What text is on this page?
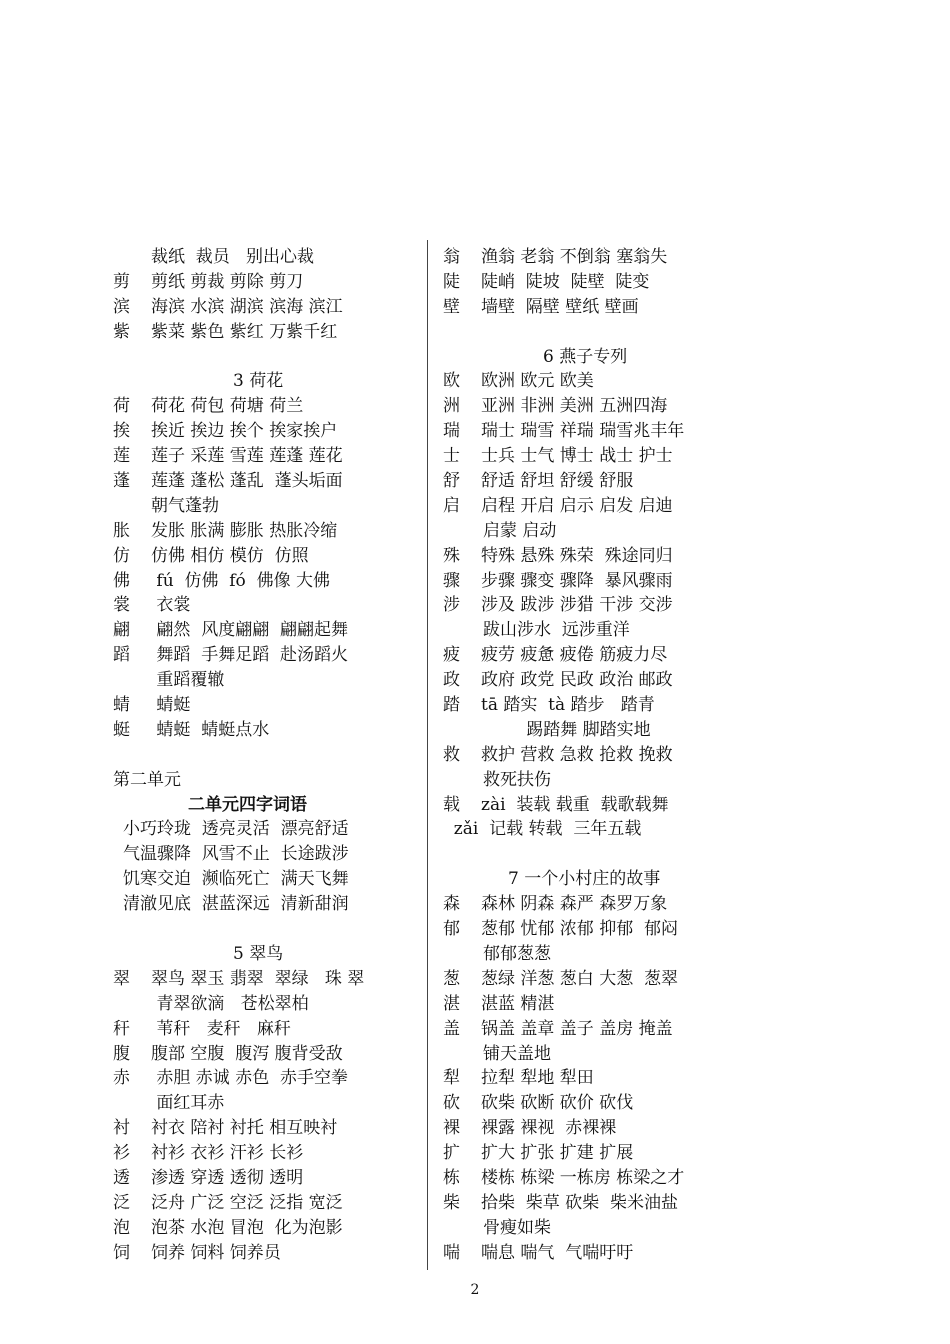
裁纸  裁员   别出心裁
剪 剪纸 剪裁 剪除 剪刀
滨 海滨 水滨 湖滨 滨海 滨江
紫 紫菜 紫色 紫红 万紫千红
3 荷花
荷 荷花 荷包 荷塘 荷兰
挨 挨近 挨边 挨个 挨家挨户
莲 莲子 采莲 雪莲 莲蓬 莲花
蓬 莲蓬 蓬松 蓬乱  蓬头垢面
朝气蓬勃
胀 发胀 胀满 膨胀 热胀冷缩
仿 仿佛 相仿 模仿  仿照
佛 fú  仿佛  fó  佛像 大佛
裳 衣裳
翩 翩然  风度翩翩  翩翩起舞
蹈 舞蹈  手舞足蹈  赴汤蹈火
重蹈覆辙
蜻 蜻蜓
蜓 蜻蜓  蜻蜓点水
第二单元
二单元四字词语
小巧玲珑  透亮灵活  漂亮舒适
气温骤降  风雪不止  长途跋涉
饥寒交迫  濒临死亡  满天飞舞
清澈见底  湛蓝深远  清新甜润
5 翠鸟
翠 翠鸟 翠玉 翡翠  翠绿   珠 翠
青翠欲滴   苍松翠柏
秆 苇秆   麦秆   麻秆
腹 腹部 空腹  腹泻 腹背受敌
赤 赤胆 赤诚 赤色  赤手空拳
面红耳赤
衬 衬衣 陪衬 衬托 相互映衬
衫 衬衫 衣衫 汗衫 长衫
透 渗透 穿透 透彻 透明
泛 泛舟 广泛 空泛 泛指 宽泛
泡 泡茶 水泡 冒泡  化为泡影
饲 饲养 饲料 饲养员
翁 渔翁 老翁 不倒翁 塞翁失
陡 陡峭  陡坡  陡壁  陡变
壁 墙壁  隔壁 壁纸 壁画
6 燕子专列
欧 欧洲 欧元 欧美
洲 亚洲 非洲 美洲 五洲四海
瑞 瑞士 瑞雪 祥瑞 瑞雪兆丰年
士 士兵 士气 博士 战士 护士
舒 舒适 舒坦 舒缓 舒服
启 启程 开启 启示 启发 启迪
启蒙 启动
殊 特殊 悬殊 殊荣  殊途同归
骤 步骤 骤变 骤降  暴风骤雨
涉 涉及 跋涉 涉猎 干涉 交涉
跋山涉水  远涉重洋
疲 疲劳 疲惫 疲倦 筋疲力尽
政 政府 政党 民政 政治 邮政
踏 tā 踏实  tà 踏步   踏青
踢踏舞 脚踏实地
救 救护 营救 急救 抢救 挽救
救死扶伤
载 zài  装载 载重  载歌载舞
zǎi  记载 转载  三年五载
7 一个小村庄的故事
森 森林 阴森 森严 森罗万象
郁 葱郁 忧郁 浓郁 抑郁  郁闷
郁郁葱葱
葱 葱绿 洋葱 葱白 大葱  葱翠
湛 湛蓝 精湛
盖 锅盖 盖章 盖子 盖房 掩盖
铺天盖地
犁 拉犁 犁地 犁田
砍 砍柴 砍断 砍价 砍伐
裸 裸露 裸视  赤裸裸
扩 扩大 扩张 扩建 扩展
栋 楼栋 栋梁 一栋房 栋梁之才
柴 拾柴  柴草 砍柴  柴米油盐
骨瘦如柴
喘 喘息 喘气  气喘吁吁
2
